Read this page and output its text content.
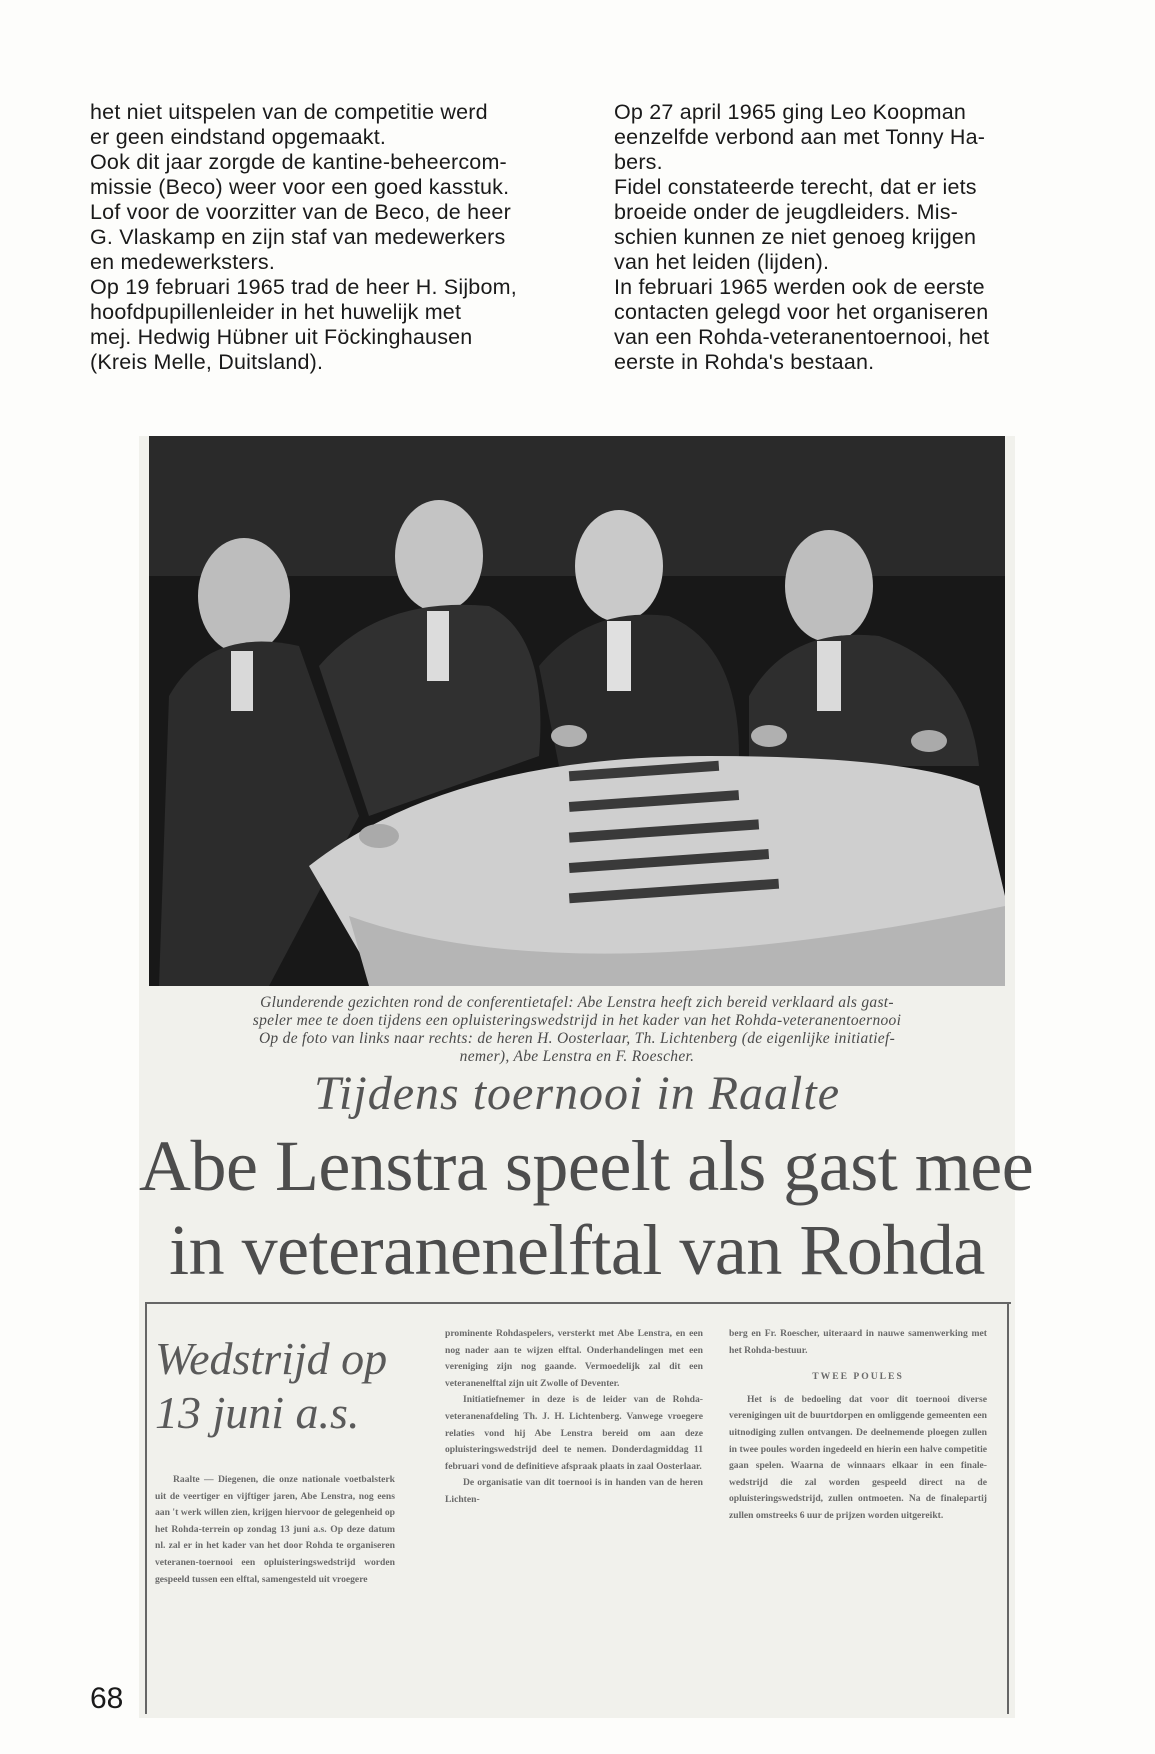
het niet uitspelen van de competitie werd

er geen eindstand opgemaakt.

Ook dit jaar zorgde de kantine-beheercom-

missie (Beco) weer voor een goed kasstuk.

Lof voor de voorzitter van de Beco, de heer

G. Vlaskamp en zijn staf van medewerkers

en medewerksters.

Op 19 februari 1965 trad de heer H. Sijbom,

hoofdpupillenleider in het huwelijk met

mej. Hedwig Hübner uit Föckinghausen

(Kreis Melle, Duitsland).

Op 27 april 1965 ging Leo Koopman

eenzelfde verbond aan met Tonny Ha-

bers.

Fidel constateerde terecht, dat er iets

broeide onder de jeugdleiders. Mis-

schien kunnen ze niet genoeg krijgen

van het leiden (lijden).

In februari 1965 werden ook de eerste

contacten gelegd voor het organiseren

van een Rohda-veteranentoernooi, het

eerste in Rohda's bestaan.

Glunderende gezichten rond de conferentietafel: Abe Lenstra heeft zich bereid verklaard als gast-

speler mee te doen tijdens een opluisteringswedstrijd in het kader van het Rohda-veteranentoernooi

Op de foto van links naar rechts: de heren H. Oosterlaar, Th. Lichtenberg (de eigenlijke initiatief-

nemer), Abe Lenstra en F. Roescher.

Tijdens toernooi in Raalte
Abe Lenstra speelt als gast mee
in veteranenelftal van Rohda

Wedstrijd op

13 juni a.s.

Raalte — Diegenen, die onze nationale voetbalsterk uit de veertiger en vijftiger jaren, Abe Lenstra, nog eens aan 't werk willen zien, krijgen hiervoor de gelegenheid op het Rohda-terrein op zondag 13 juni a.s. Op deze datum nl. zal er in het kader van het door Rohda te organiseren veteranen-toernooi een opluisteringswedstrijd worden gespeeld tussen een elftal, samengesteld uit vroegere

prominente Rohdaspelers, versterkt met Abe Lenstra, en een nog nader aan te wijzen elftal. Onderhandelingen met een vereniging zijn nog gaande. Vermoedelijk zal dit een veteranenelftal zijn uit Zwolle of Deventer.

Initiatiefnemer in deze is de leider van de Rohda-veteranenafdeling Th. J. H. Lichtenberg. Vanwege vroegere relaties vond hij Abe Lenstra bereid om aan deze opluisteringswedstrijd deel te nemen. Donderdagmiddag 11 februari vond de definitieve afspraak plaats in zaal Oosterlaar.

De organisatie van dit toernooi is in handen van de heren Lichten-

berg en Fr. Roescher, uiteraard in nauwe samenwerking met het Rohda-bestuur.

TWEE POULES

Het is de bedoeling dat voor dit toernooi diverse verenigingen uit de buurtdorpen en omliggende gemeenten een uitnodiging zullen ontvangen. De deelnemende ploegen zullen in twee poules worden ingedeeld en hierin een halve competitie gaan spelen. Waarna de winnaars elkaar in een finale-wedstrijd die zal worden gespeeld direct na de opluisteringswedstrijd, zullen ontmoeten. Na de finalepartij zullen omstreeks 6 uur de prijzen worden uitgereikt.

68
